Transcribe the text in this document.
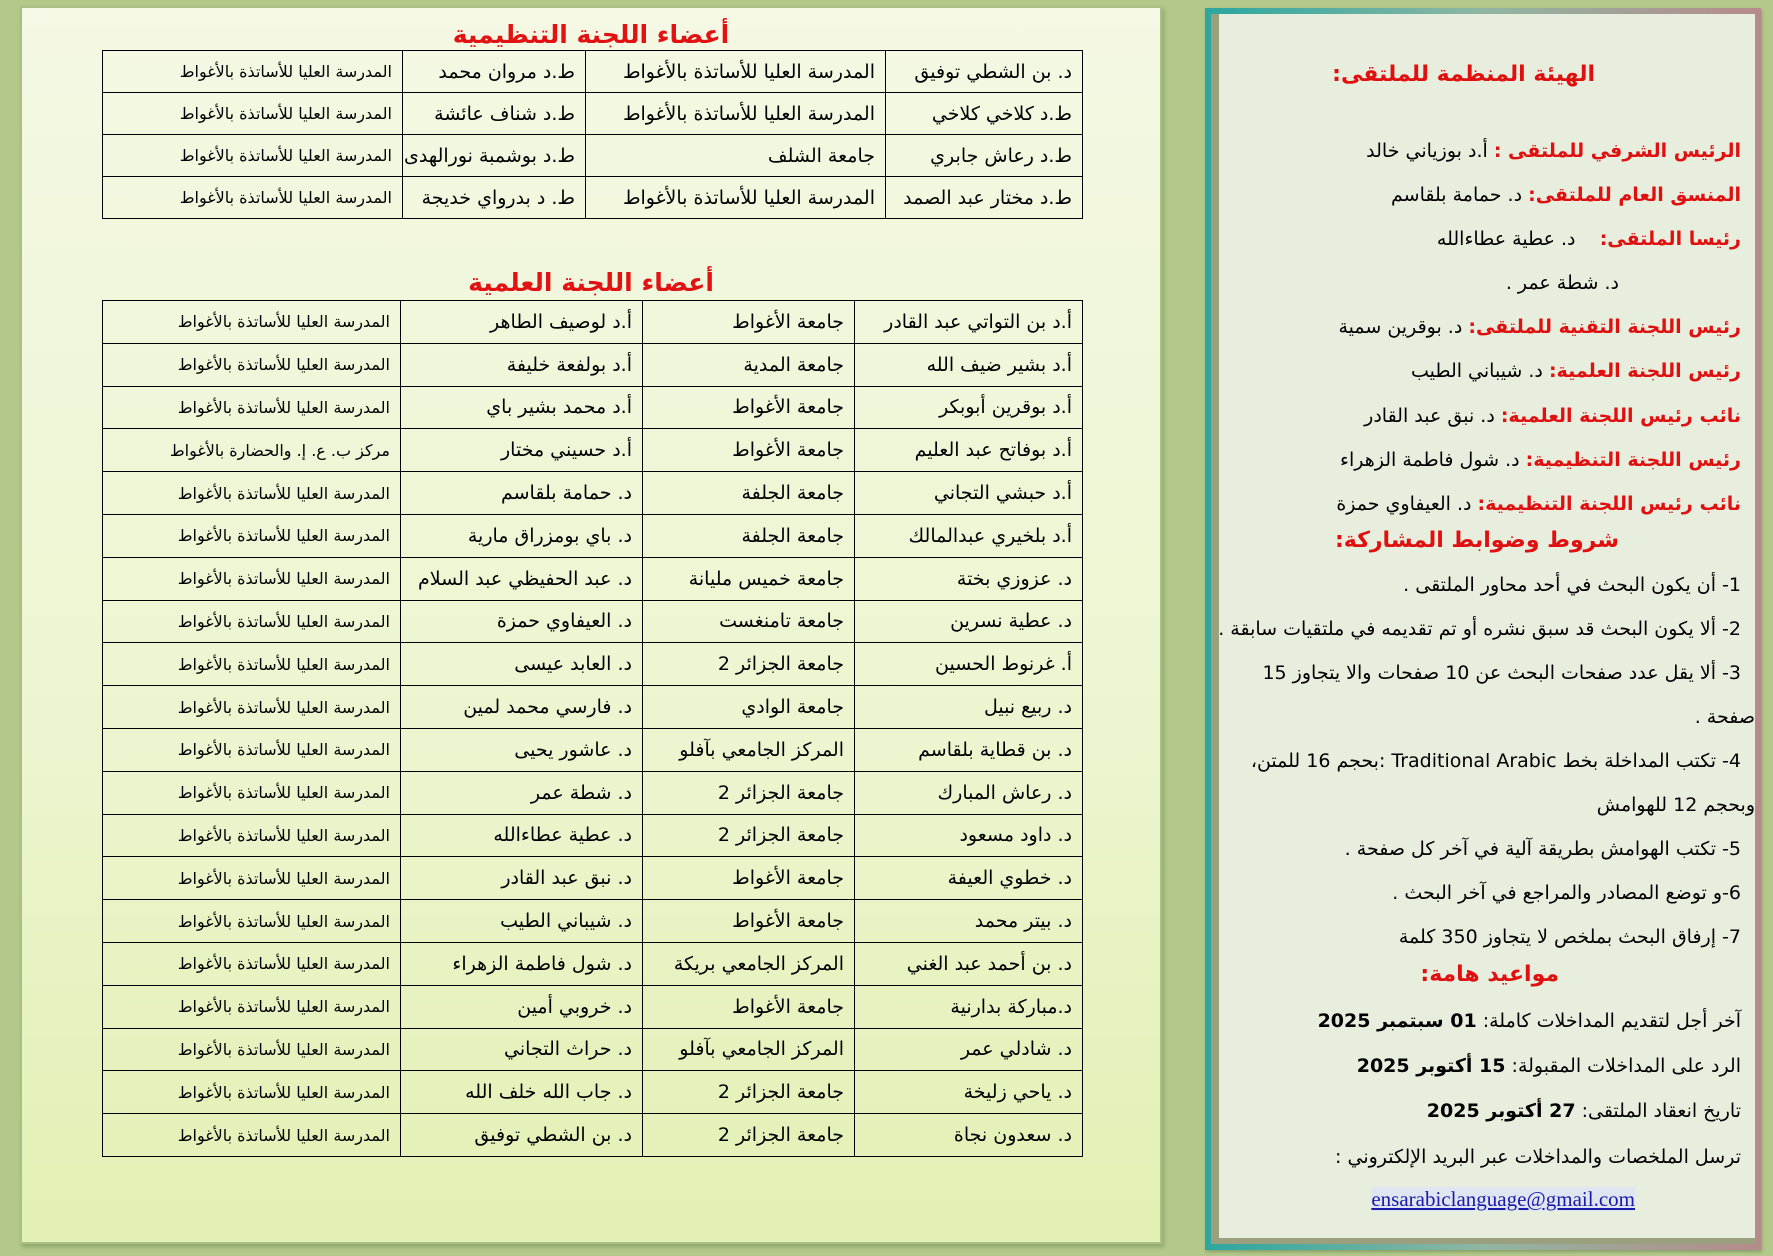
أعضاء اللجنة التنظيمية
د. بن الشطي توفيق	المدرسة العليا للأساتذة بالأغواط	ط.د مروان محمد	المدرسة العليا للأساتذة بالأغواط
ط.د كلاخي كلاخي	المدرسة العليا للأساتذة بالأغواط	ط.د شناف عائشة	المدرسة العليا للأساتذة بالأغواط
ط.د رعاش جابري	جامعة الشلف	ط.د بوشمبة نورالهدى	المدرسة العليا للأساتذة بالأغواط
ط.د مختار عبد الصمد	المدرسة العليا للأساتذة بالأغواط	ط. د بدرواي خديجة	المدرسة العليا للأساتذة بالأغواط
أعضاء اللجنة العلمية
أ.د بن التواتي عبد القادر	جامعة الأغواط	أ.د لوصيف الطاهر	المدرسة العليا للأساتذة بالأغواط
أ.د بشير ضيف الله	جامعة المدية	أ.د بولفعة خليفة	المدرسة العليا للأساتذة بالأغواط
أ.د بوقرين أبوبكر	جامعة الأغواط	أ.د محمد بشير باي	المدرسة العليا للأساتذة بالأغواط
أ.د بوفاتح عبد العليم	جامعة الأغواط	أ.د حسيني مختار	مركز ب. ع. إ. والحضارة بالأغواط
أ.د حبشي التجاني	جامعة الجلفة	د. حمامة بلقاسم	المدرسة العليا للأساتذة بالأغواط
أ.د بلخيري عبدالمالك	جامعة الجلفة	د. باي بومزراق مارية	المدرسة العليا للأساتذة بالأغواط
د. عزوزي بختة	جامعة خميس مليانة	د. عبد الحفيظي عبد السلام	المدرسة العليا للأساتذة بالأغواط
د. عطية نسرين	جامعة تامنغست	د. العيفاوي حمزة	المدرسة العليا للأساتذة بالأغواط
أ. غرنوط الحسين	جامعة الجزائر 2	د. العابد عيسى	المدرسة العليا للأساتذة بالأغواط
د. ربيع نبيل	جامعة الوادي	د. فارسي محمد لمين	المدرسة العليا للأساتذة بالأغواط
د. بن قطاية بلقاسم	المركز الجامعي بآفلو	د. عاشور يحيى	المدرسة العليا للأساتذة بالأغواط
د. رعاش المبارك	جامعة الجزائر 2	د. شطة عمر	المدرسة العليا للأساتذة بالأغواط
د. داود مسعود	جامعة الجزائر 2	د. عطية عطاءالله	المدرسة العليا للأساتذة بالأغواط
د. خطوي العيفة	جامعة الأغواط	د. نبق عبد القادر	المدرسة العليا للأساتذة بالأغواط
د. بيتر محمد	جامعة الأغواط	د. شيباني الطيب	المدرسة العليا للأساتذة بالأغواط
د. بن أحمد عبد الغني	المركز الجامعي بريكة	د. شول فاطمة الزهراء	المدرسة العليا للأساتذة بالأغواط
د.مباركة بدارنية	جامعة الأغواط	د. خروبي أمين	المدرسة العليا للأساتذة بالأغواط
د. شادلي عمر	المركز الجامعي بآفلو	د. حراث التجاني	المدرسة العليا للأساتذة بالأغواط
د. ياحي زليخة	جامعة الجزائر 2	د. جاب الله خلف الله	المدرسة العليا للأساتذة بالأغواط
د. سعدون نجاة	جامعة الجزائر 2	د. بن الشطي توفيق	المدرسة العليا للأساتذة بالأغواط
الهيئة المنظمة للملتقى:
الرئيس الشرفي للملتقى : أ.د بوزياني خالد
المنسق العام للملتقى: د. حمامة بلقاسم
رئيسا الملتقى:    د. عطية عطاءالله
د. شطة عمر .
رئيس اللجنة التقنية للملتقى: د. بوقرين سمية
رئيس اللجنة العلمية: د. شيباني الطيب
نائب رئيس اللجنة العلمية: د. نبق عبد القادر
رئيس اللجنة التنظيمية: د. شول فاطمة الزهراء
نائب رئيس اللجنة التنظيمية: د. العيفاوي حمزة
شروط وضوابط المشاركة:
1- أن يكون البحث في أحد محاور الملتقى .
2- ألا يكون البحث قد سبق نشره أو تم تقديمه في ملتقيات سابقة .
3- ألا يقل عدد صفحات البحث عن 10 صفحات والا يتجاوز 15
صفحة .
4- تكتب المداخلة بخط Traditional Arabic :بحجم 16 للمتن،
وبحجم 12 للهوامش
5- تكتب الهوامش بطريقة آلية في آخر كل صفحة .
6-و توضع المصادر والمراجع في آخر البحث .
7- إرفاق البحث بملخص لا يتجاوز 350 كلمة
مواعيد هامة:
آخر أجل لتقديم المداخلات كاملة: 01 سبتمبر 2025
الرد على المداخلات المقبولة: 15 أكتوبر 2025
تاريخ انعقاد الملتقى: 27 أكتوبر 2025
ترسل الملخصات والمداخلات عبر البريد الإلكتروني :
ensarabiclanguage@gmail.com
